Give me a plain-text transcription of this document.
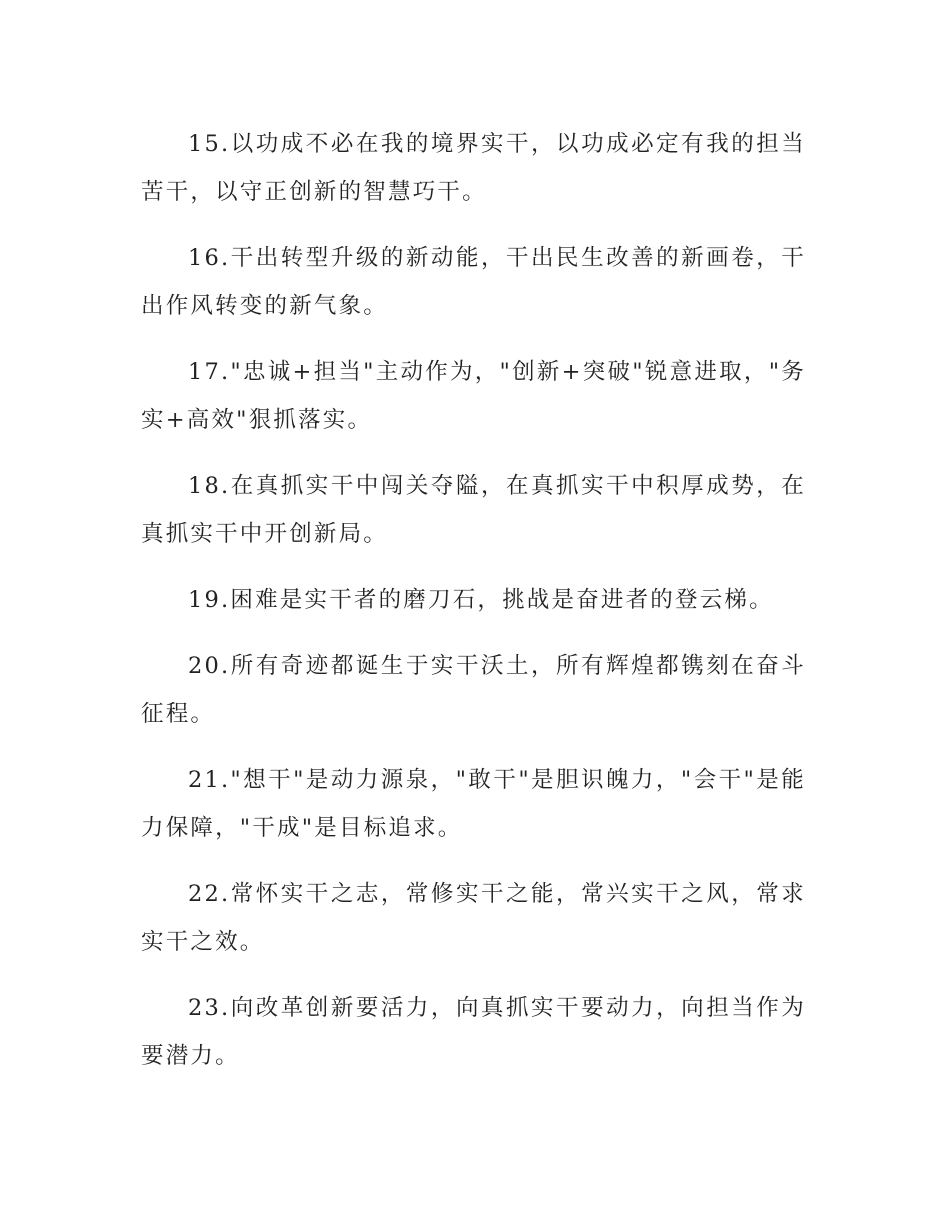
15.以功成不必在我的境界实干，以功成必定有我的担当苦干，以守正创新的智慧巧干。

16.干出转型升级的新动能，干出民生改善的新画卷，干出作风转变的新气象。

17."忠诚+担当"主动作为，"创新+突破"锐意进取，"务实+高效"狠抓落实。

18.在真抓实干中闯关夺隘，在真抓实干中积厚成势，在真抓实干中开创新局。

19.困难是实干者的磨刀石，挑战是奋进者的登云梯。

20.所有奇迹都诞生于实干沃土，所有辉煌都镌刻在奋斗征程。

21."想干"是动力源泉，"敢干"是胆识魄力，"会干"是能力保障，"干成"是目标追求。

22.常怀实干之志，常修实干之能，常兴实干之风，常求实干之效。

23.向改革创新要活力，向真抓实干要动力，向担当作为要潜力。
